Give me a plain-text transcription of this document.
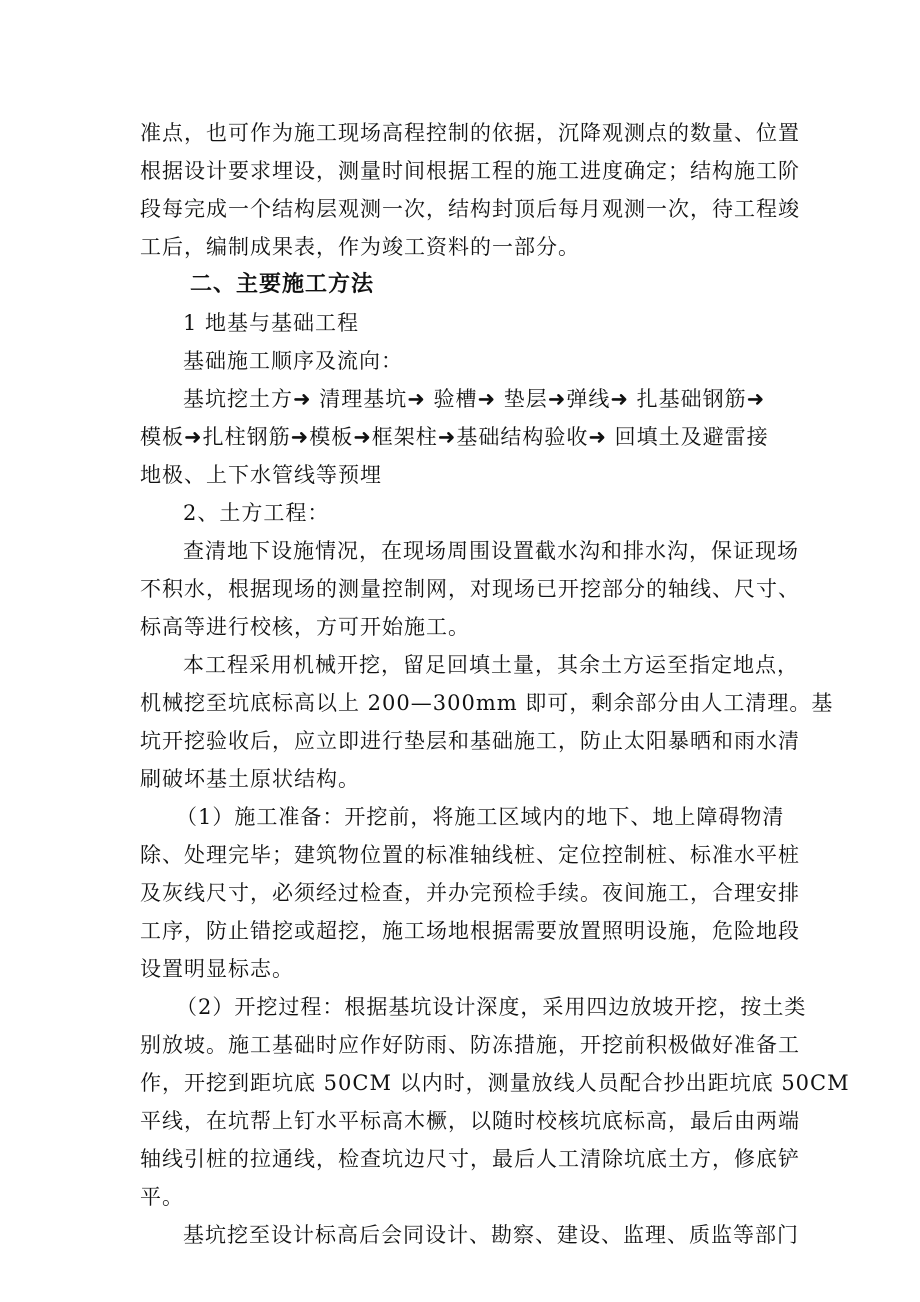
准点，也可作为施工现场高程控制的依据，沉降观测点的数量、位置
根据设计要求埋设，测量时间根据工程的施工进度确定；结构施工阶
段每完成一个结构层观测一次，结构封顶后每月观测一次，待工程竣
工后，编制成果表，作为竣工资料的一部分。
二、主要施工方法
1 地基与基础工程
基础施工顺序及流向：
基坑挖土方➜ 清理基坑➜ 验槽➜ 垫层➜弹线➜ 扎基础钢筋➜
模板➜扎柱钢筋➜模板➜框架柱➜基础结构验收➜ 回填土及避雷接
地极、上下水管线等预埋
2、土方工程：
查清地下设施情况，在现场周围设置截水沟和排水沟，保证现场
不积水，根据现场的测量控制网，对现场已开挖部分的轴线、尺寸、
标高等进行校核，方可开始施工。
本工程采用机械开挖，留足回填土量，其余土方运至指定地点，
机械挖至坑底标高以上 200—300mm 即可，剩余部分由人工清理。基
坑开挖验收后，应立即进行垫层和基础施工，防止太阳暴晒和雨水清
刷破坏基土原状结构。
（1）施工准备：开挖前，将施工区域内的地下、地上障碍物清
除、处理完毕；建筑物位置的标准轴线桩、定位控制桩、标准水平桩
及灰线尺寸，必须经过检查，并办完预检手续。夜间施工，合理安排
工序，防止错挖或超挖，施工场地根据需要放置照明设施，危险地段
设置明显标志。
（2）开挖过程：根据基坑设计深度，采用四边放坡开挖，按土类
别放坡。施工基础时应作好防雨、防冻措施，开挖前积极做好准备工
作，开挖到距坑底 50CM 以内时，测量放线人员配合抄出距坑底 50CM
平线，在坑帮上钉水平标高木橛，以随时校核坑底标高，最后由两端
轴线引桩的拉通线，检查坑边尺寸，最后人工清除坑底土方，修底铲
平。
基坑挖至设计标高后会同设计、勘察、建设、监理、质监等部门
